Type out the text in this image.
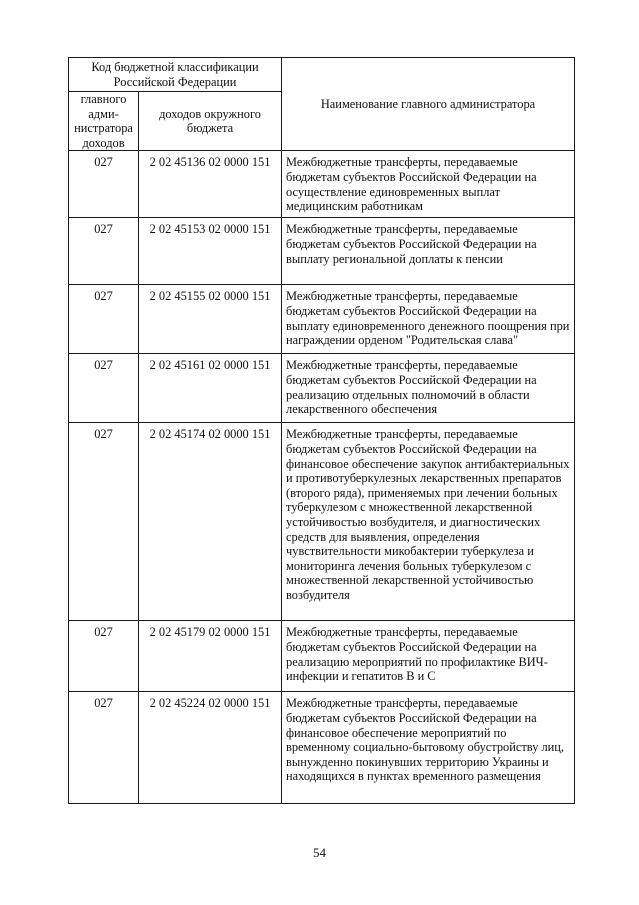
Код бюджетной классификации Российской Федерации		Наименование главного администратора
главного адми-нистратора доходов	доходов окружного бюджета	
027	2 02 45136 02 0000 151	Межбюджетные трансферты, передаваемые бюджетам субъектов Российской Федерации на осуществление единовременных выплат медицинским работникам
027	2 02 45153 02 0000 151	Межбюджетные трансферты, передаваемые бюджетам субъектов Российской Федерации на выплату региональной доплаты к пенсии
027	2 02 45155 02 0000 151	Межбюджетные трансферты, передаваемые бюджетам субъектов Российской Федерации на выплату единовременного денежного поощрения при награждении орденом "Родительская слава"
027	2 02 45161 02 0000 151	Межбюджетные трансферты, передаваемые бюджетам субъектов Российской Федерации на реализацию отдельных полномочий в области лекарственного обеспечения
027	2 02 45174 02 0000 151	Межбюджетные трансферты, передаваемые бюджетам субъектов Российской Федерации на финансовое обеспечение закупок антибактериальных и противотуберкулезных лекарственных препаратов (второго ряда), применяемых при лечении больных туберкулезом с множественной лекарственной устойчивостью возбудителя, и диагностических средств для выявления, определения чувствительности микобактерии туберкулеза и мониторинга лечения больных туберкулезом с множественной лекарственной устойчивостью возбудителя
027	2 02 45179 02 0000 151	Межбюджетные трансферты, передаваемые бюджетам субъектов Российской Федерации на реализацию мероприятий по профилактике ВИЧ-инфекции и гепатитов В и С
027	2 02 45224 02 0000 151	Межбюджетные трансферты, передаваемые бюджетам субъектов Российской Федерации на финансовое обеспечение мероприятий по временному социально-бытовому обустройству лиц, вынужденно покинувших территорию Украины и находящихся в пунктах временного размещения
54
